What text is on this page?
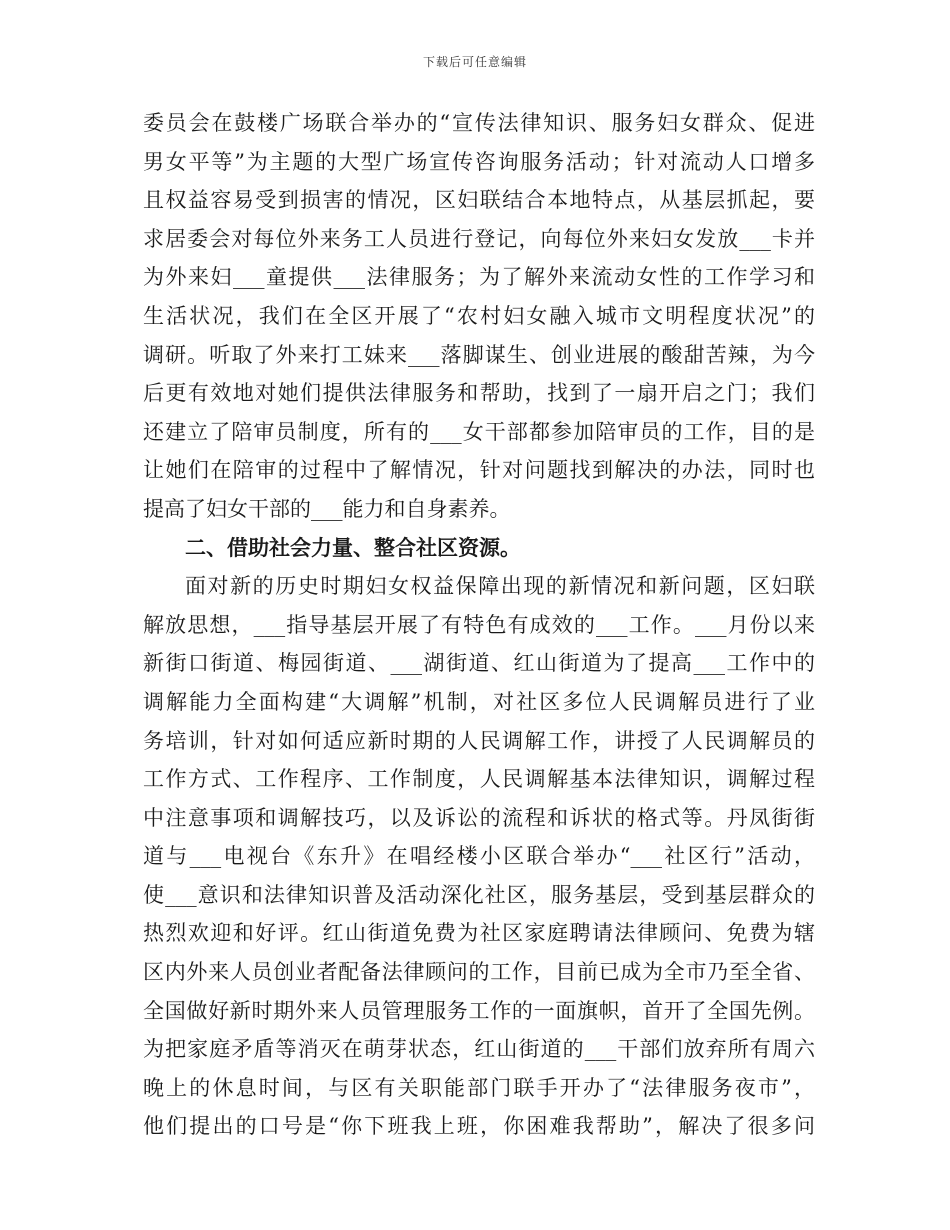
下载后可任意编辑
委员会在鼓楼广场联合举办的“宣传法律知识、服务妇女群众、促进
男女平等”为主题的大型广场宣传咨询服务活动；针对流动人口增多
且权益容易受到损害的情况，区妇联结合本地特点，从基层抓起，要
求居委会对每位外来务工人员进行登记，向每位外来妇女发放___卡并
为外来妇___童提供___法律服务；为了解外来流动女性的工作学习和
生活状况，我们在全区开展了“农村妇女融入城市文明程度状况”的
调研。听取了外来打工妹来___落脚谋生、创业进展的酸甜苦辣，为今
后更有效地对她们提供法律服务和帮助，找到了一扇开启之门；我们
还建立了陪审员制度，所有的___女干部都参加陪审员的工作，目的是
让她们在陪审的过程中了解情况，针对问题找到解决的办法，同时也
提高了妇女干部的___能力和自身素养。
二、借助社会力量、整合社区资源。
面对新的历史时期妇女权益保障出现的新情况和新问题，区妇联
解放思想，___指导基层开展了有特色有成效的___工作。___月份以来
新街口街道、梅园街道、___湖街道、红山街道为了提高___工作中的
调解能力全面构建“大调解”机制，对社区多位人民调解员进行了业
务培训，针对如何适应新时期的人民调解工作，讲授了人民调解员的
工作方式、工作程序、工作制度，人民调解基本法律知识，调解过程
中注意事项和调解技巧，以及诉讼的流程和诉状的格式等。丹凤街街
道与___电视台《东升》在唱经楼小区联合举办“___社区行”活动，
使___意识和法律知识普及活动深化社区，服务基层，受到基层群众的
热烈欢迎和好评。红山街道免费为社区家庭聘请法律顾问、免费为辖
区内外来人员创业者配备法律顾问的工作，目前已成为全市乃至全省、
全国做好新时期外来人员管理服务工作的一面旗帜，首开了全国先例。
为把家庭矛盾等消灭在萌芽状态，红山街道的___干部们放弃所有周六
晚上的休息时间，与区有关职能部门联手开办了“法律服务夜市”，
他们提出的口号是“你下班我上班，你困难我帮助”，解决了很多问
